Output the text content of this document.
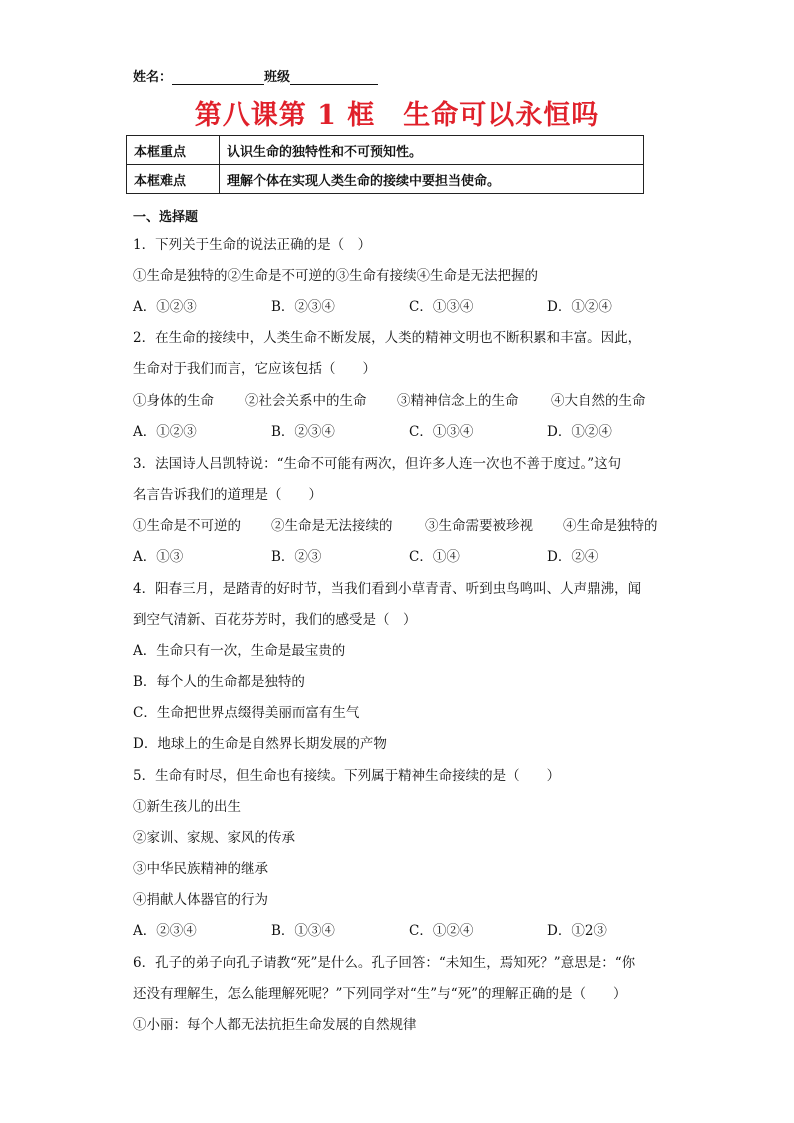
姓名：	班级
第八课第 1 框　生命可以永恒吗
本框重点	认识生命的独特性和不可预知性。
本框难点	理解个体在实现人类生命的接续中要担当使命。
一、选择题
1．下列关于生命的说法正确的是（　）
①生命是独特的②生命是不可逆的③生命有接续④生命是无法把握的
A．①②③	B．②③④	C．①③④	D．①②④
2．在生命的接续中，人类生命不断发展，人类的精神文明也不断积累和丰富。因此，
生命对于我们而言，它应该包括（　　）
①身体的生命 ②社会关系中的生命 ③精神信念上的生命 ④大自然的生命
A．①②③	B．②③④	C．①③④	D．①②④
3．法国诗人吕凯特说：“生命不可能有两次，但许多人连一次也不善于度过。”这句
名言告诉我们的道理是（　　）
①生命是不可逆的 ②生命是无法接续的 ③生命需要被珍视 ④生命是独特的
A．①③	B．②③	C．①④	D．②④
4．阳春三月，是踏青的好时节，当我们看到小草青青、听到虫鸟鸣叫、人声鼎沸，闻
到空气清新、百花芬芳时，我们的感受是（　）
A．生命只有一次，生命是最宝贵的
B．每个人的生命都是独特的
C．生命把世界点缀得美丽而富有生气
D．地球上的生命是自然界长期发展的产物
5．生命有时尽，但生命也有接续。下列属于精神生命接续的是（　　）
①新生孩儿的出生
②家训、家规、家风的传承
③中华民族精神的继承
④捐献人体器官的行为
A．②③④	B．①③④	C．①②④	D．①2③
6．孔子的弟子向孔子请教“死”是什么。孔子回答：“未知生，焉知死？”意思是：“你
还没有理解生，怎么能理解死呢？”下列同学对“生”与“死”的理解正确的是（　　）
①小丽：每个人都无法抗拒生命发展的自然规律
